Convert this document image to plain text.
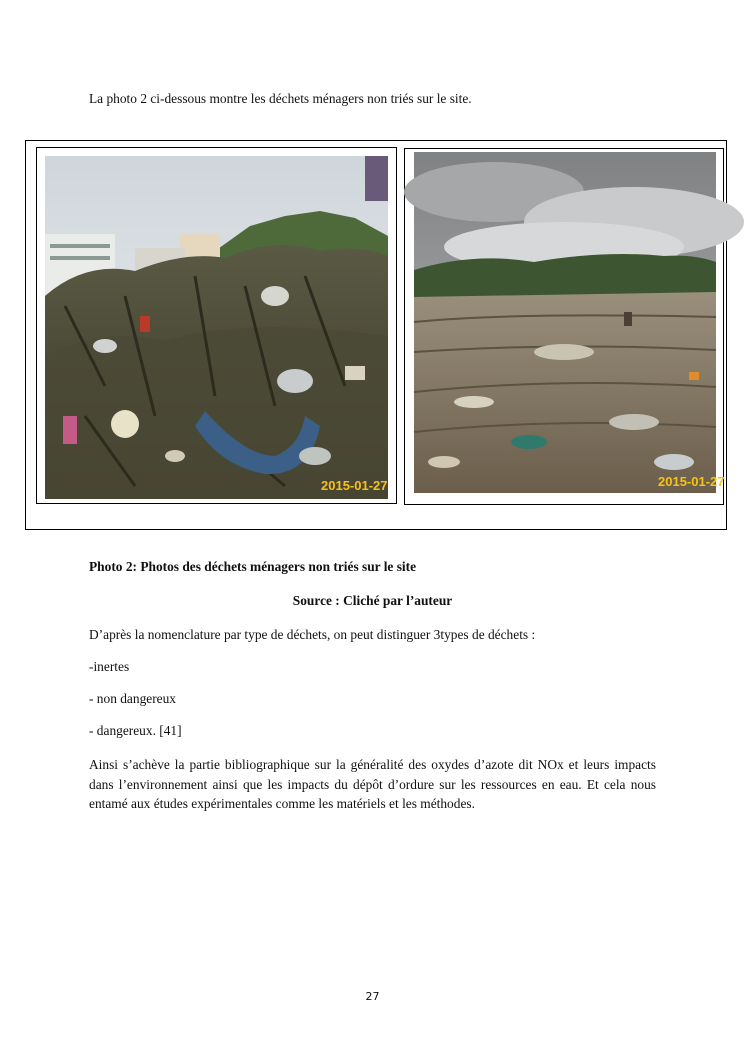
La photo 2 ci-dessous montre les déchets ménagers non triés sur le site.

2015-01-27	2015-01-27

Photo 2: Photos des déchets ménagers non triés sur le site

Source : Cliché par l’auteur

D’après la nomenclature par type de déchets, on peut distinguer 3types de déchets :

-inertes

- non dangereux

- dangereux. [41]

Ainsi s’achève la partie bibliographique sur la généralité des oxydes d’azote dit NOx et leurs impacts dans l’environnement ainsi que les impacts du dépôt d’ordure sur les ressources en eau. Et cela nous entamé aux études expérimentales comme les matériels et les méthodes.

27
